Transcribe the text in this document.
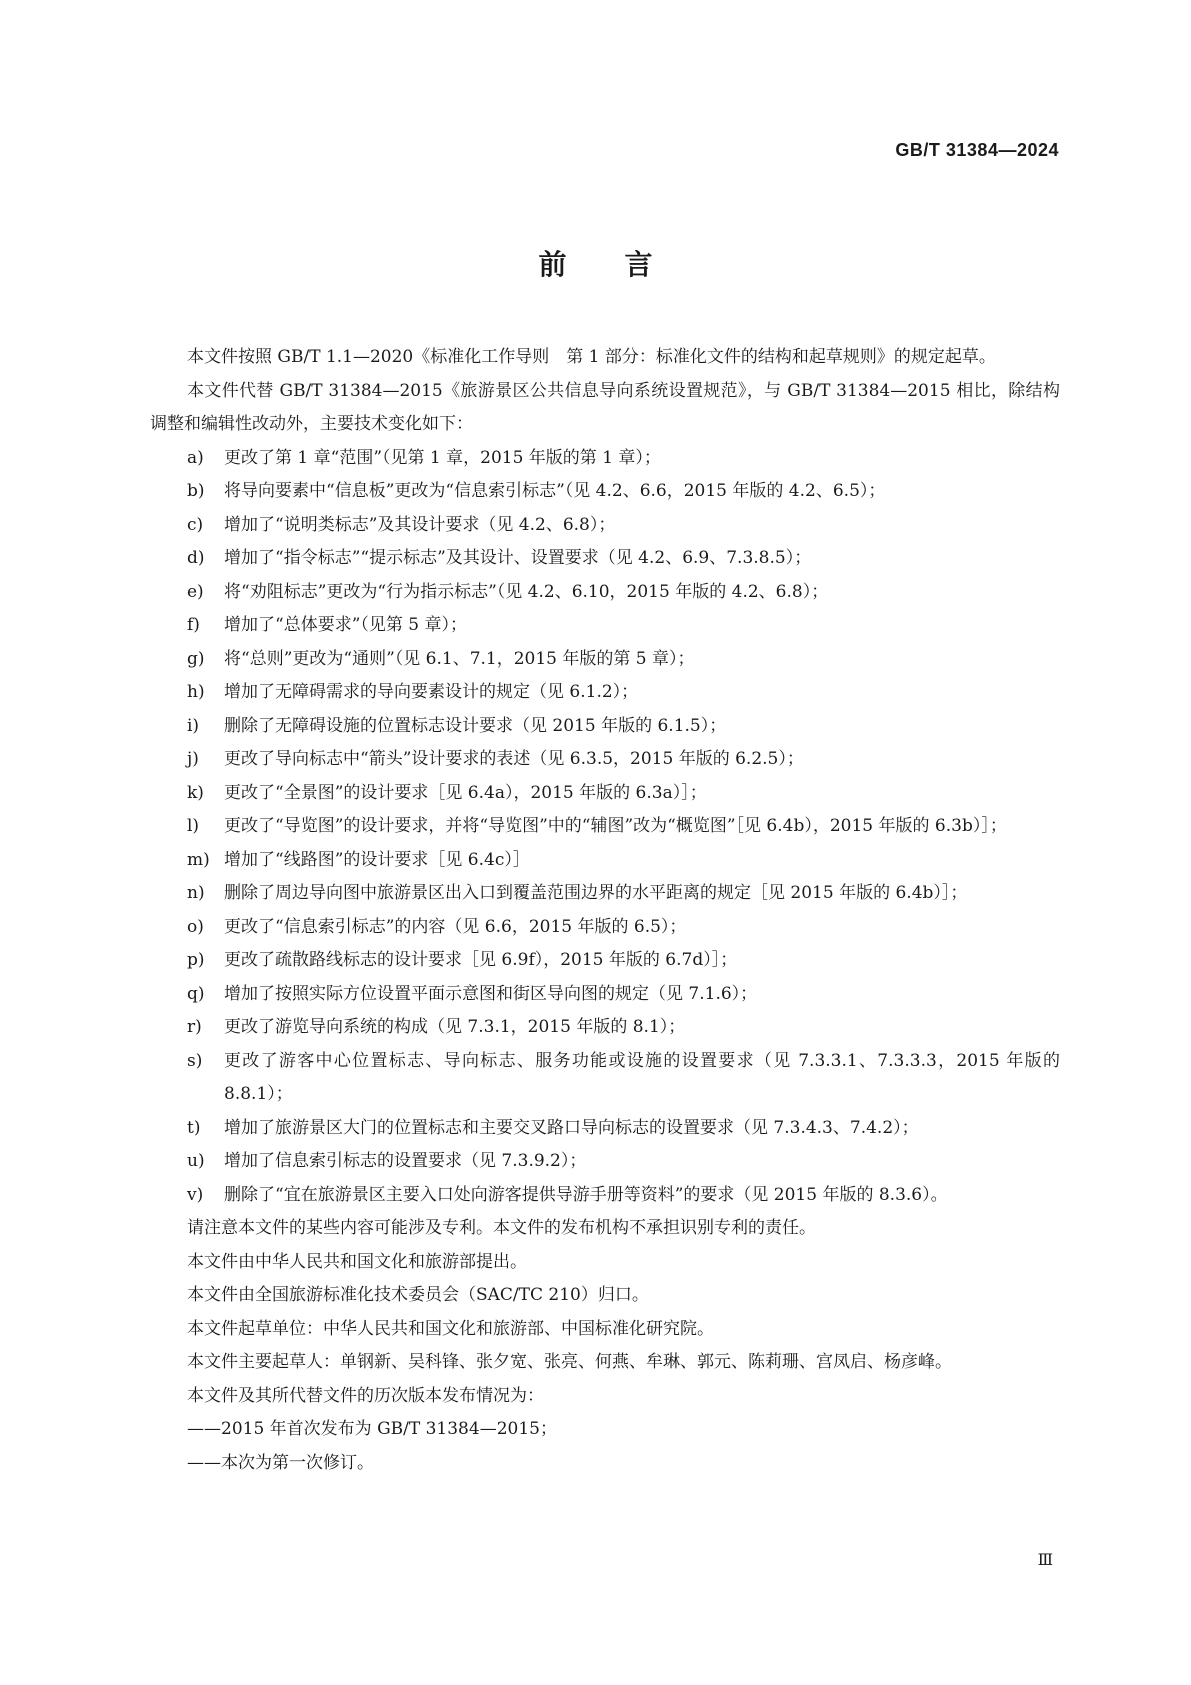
GB/T 31384—2024
前言

本文件按照 GB/T 1.1—2020《标准化工作导则　第 1 部分：标准化文件的结构和起草规则》的规定起草。

本文件代替 GB/T 31384—2015《旅游景区公共信息导向系统设置规范》，与 GB/T 31384—2015 相比，除结构调整和编辑性改动外，主要技术变化如下：

a) 更改了第 1 章“范围”（见第 1 章，2015 年版的第 1 章）；
b) 将导向要素中“信息板”更改为“信息索引标志”（见 4.2、6.6，2015 年版的 4.2、6.5）；
c) 增加了“说明类标志”及其设计要求（见 4.2、6.8）；
d) 增加了“指令标志”“提示标志”及其设计、设置要求（见 4.2、6.9、7.3.8.5）；
e) 将“劝阻标志”更改为“行为指示标志”（见 4.2、6.10，2015 年版的 4.2、6.8）；
f) 增加了“总体要求”（见第 5 章）；
g) 将“总则”更改为“通则”（见 6.1、7.1，2015 年版的第 5 章）；
h) 增加了无障碍需求的导向要素设计的规定（见 6.1.2）；
i) 删除了无障碍设施的位置标志设计要求（见 2015 年版的 6.1.5）；
j) 更改了导向标志中“箭头”设计要求的表述（见 6.3.5，2015 年版的 6.2.5）；
k) 更改了“全景图”的设计要求［见 6.4a），2015 年版的 6.3a）］；
l) 更改了“导览图”的设计要求，并将“导览图”中的“辅图”改为“概览图”［见 6.4b），2015 年版的 6.3b）］；
m) 增加了“线路图”的设计要求［见 6.4c）］
n) 删除了周边导向图中旅游景区出入口到覆盖范围边界的水平距离的规定［见 2015 年版的 6.4b）］；
o) 更改了“信息索引标志”的内容（见 6.6，2015 年版的 6.5）；
p) 更改了疏散路线标志的设计要求［见 6.9f），2015 年版的 6.7d）］；
q) 增加了按照实际方位设置平面示意图和街区导向图的规定（见 7.1.6）；
r) 更改了游览导向系统的构成（见 7.3.1，2015 年版的 8.1）；
s) 更改了游客中心位置标志、导向标志、服务功能或设施的设置要求（见 7.3.3.1、7.3.3.3，2015 年版的 8.8.1）；
t) 增加了旅游景区大门的位置标志和主要交叉路口导向标志的设置要求（见 7.3.4.3、7.4.2）；
u) 增加了信息索引标志的设置要求（见 7.3.9.2）；
v) 删除了“宜在旅游景区主要入口处向游客提供导游手册等资料”的要求（见 2015 年版的 8.3.6）。

请注意本文件的某些内容可能涉及专利。本文件的发布机构不承担识别专利的责任。

本文件由中华人民共和国文化和旅游部提出。

本文件由全国旅游标准化技术委员会（SAC/TC 210）归口。

本文件起草单位：中华人民共和国文化和旅游部、中国标准化研究院。

本文件主要起草人：单钢新、吴科锋、张夕宽、张亮、何燕、牟琳、郭元、陈莉珊、宫凤启、杨彦峰。

本文件及其所代替文件的历次版本发布情况为：

——2015 年首次发布为 GB/T 31384—2015；

——本次为第一次修订。

Ⅲ
